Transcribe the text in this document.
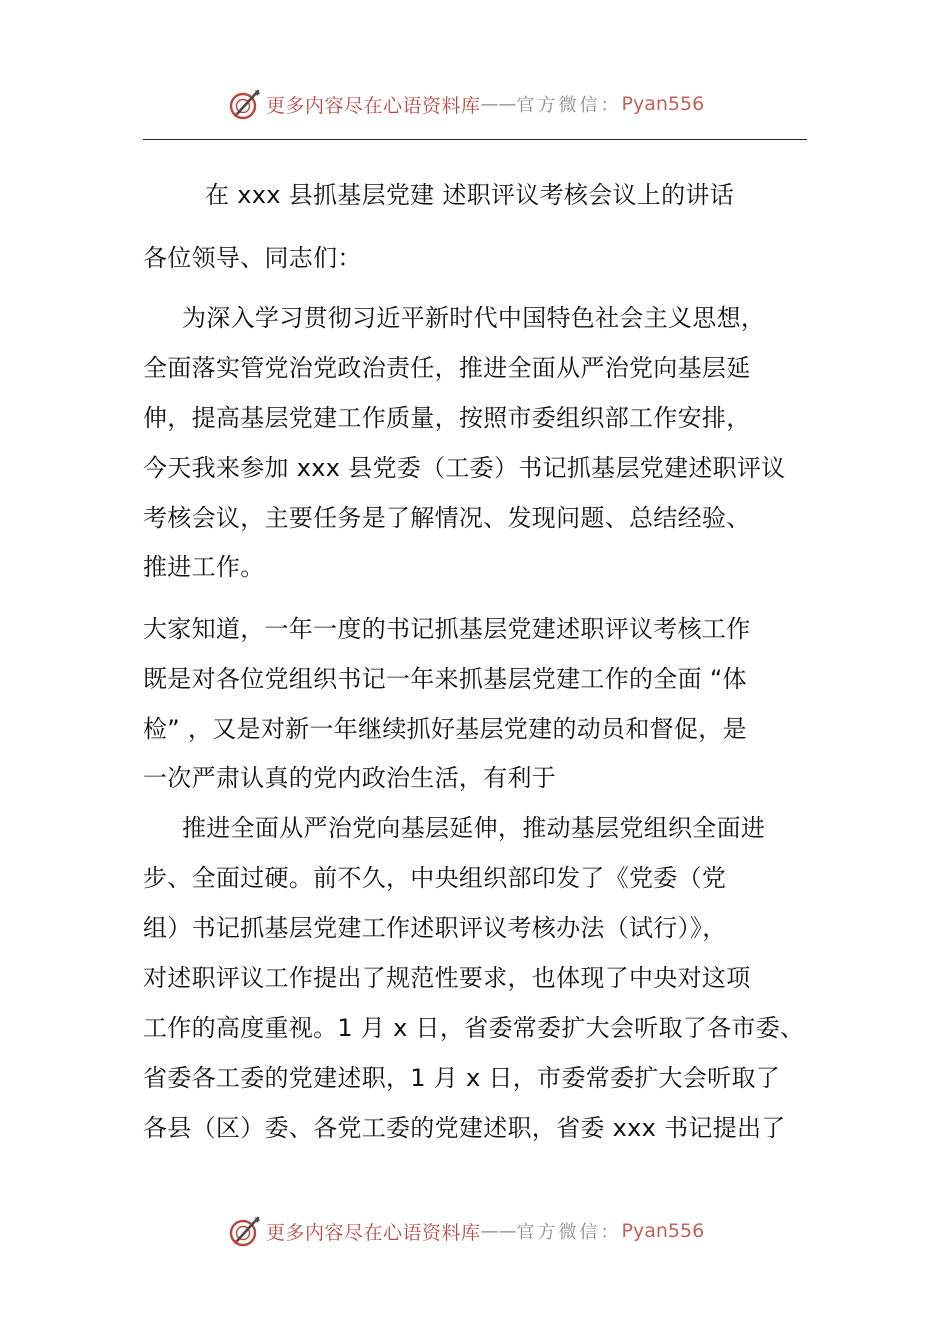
更多内容尽在心语资料库 —— 官方微信： Pyan556
在 xxx 县抓基层党建 述职评议考核会议上的讲话
各位领导、同志们：
为深入学习贯彻习近平新时代中国特色社会主义思想，
全面落实管党治党政治责任，推进全面从严治党向基层延
伸，提高基层党建工作质量，按照市委组织部工作安排，
今天我来参加 xxx 县党委（工委）书记抓基层党建述职评议
考核会议，主要任务是了解情况、发现问题、总结经验、
推进工作。
大家知道，一年一度的书记抓基层党建述职评议考核工作
既是对各位党组织书记一年来抓基层党建工作的全面 “体
检” ，又是对新一年继续抓好基层党建的动员和督促，是
一次严肃认真的党内政治生活，有利于
推进全面从严治党向基层延伸，推动基层党组织全面进
步、全面过硬。前不久，中央组织部印发了《党委（党
组）书记抓基层党建工作述职评议考核办法（试行）》，
对述职评议工作提出了规范性要求，也体现了中央对这项
工作的高度重视。1 月 x 日，省委常委扩大会听取了各市委、
省委各工委的党建述职，1 月 x 日，市委常委扩大会听取了
各县（区）委、各党工委的党建述职，省委 xxx 书记提出了
更多内容尽在心语资料库 —— 官方微信： Pyan556
